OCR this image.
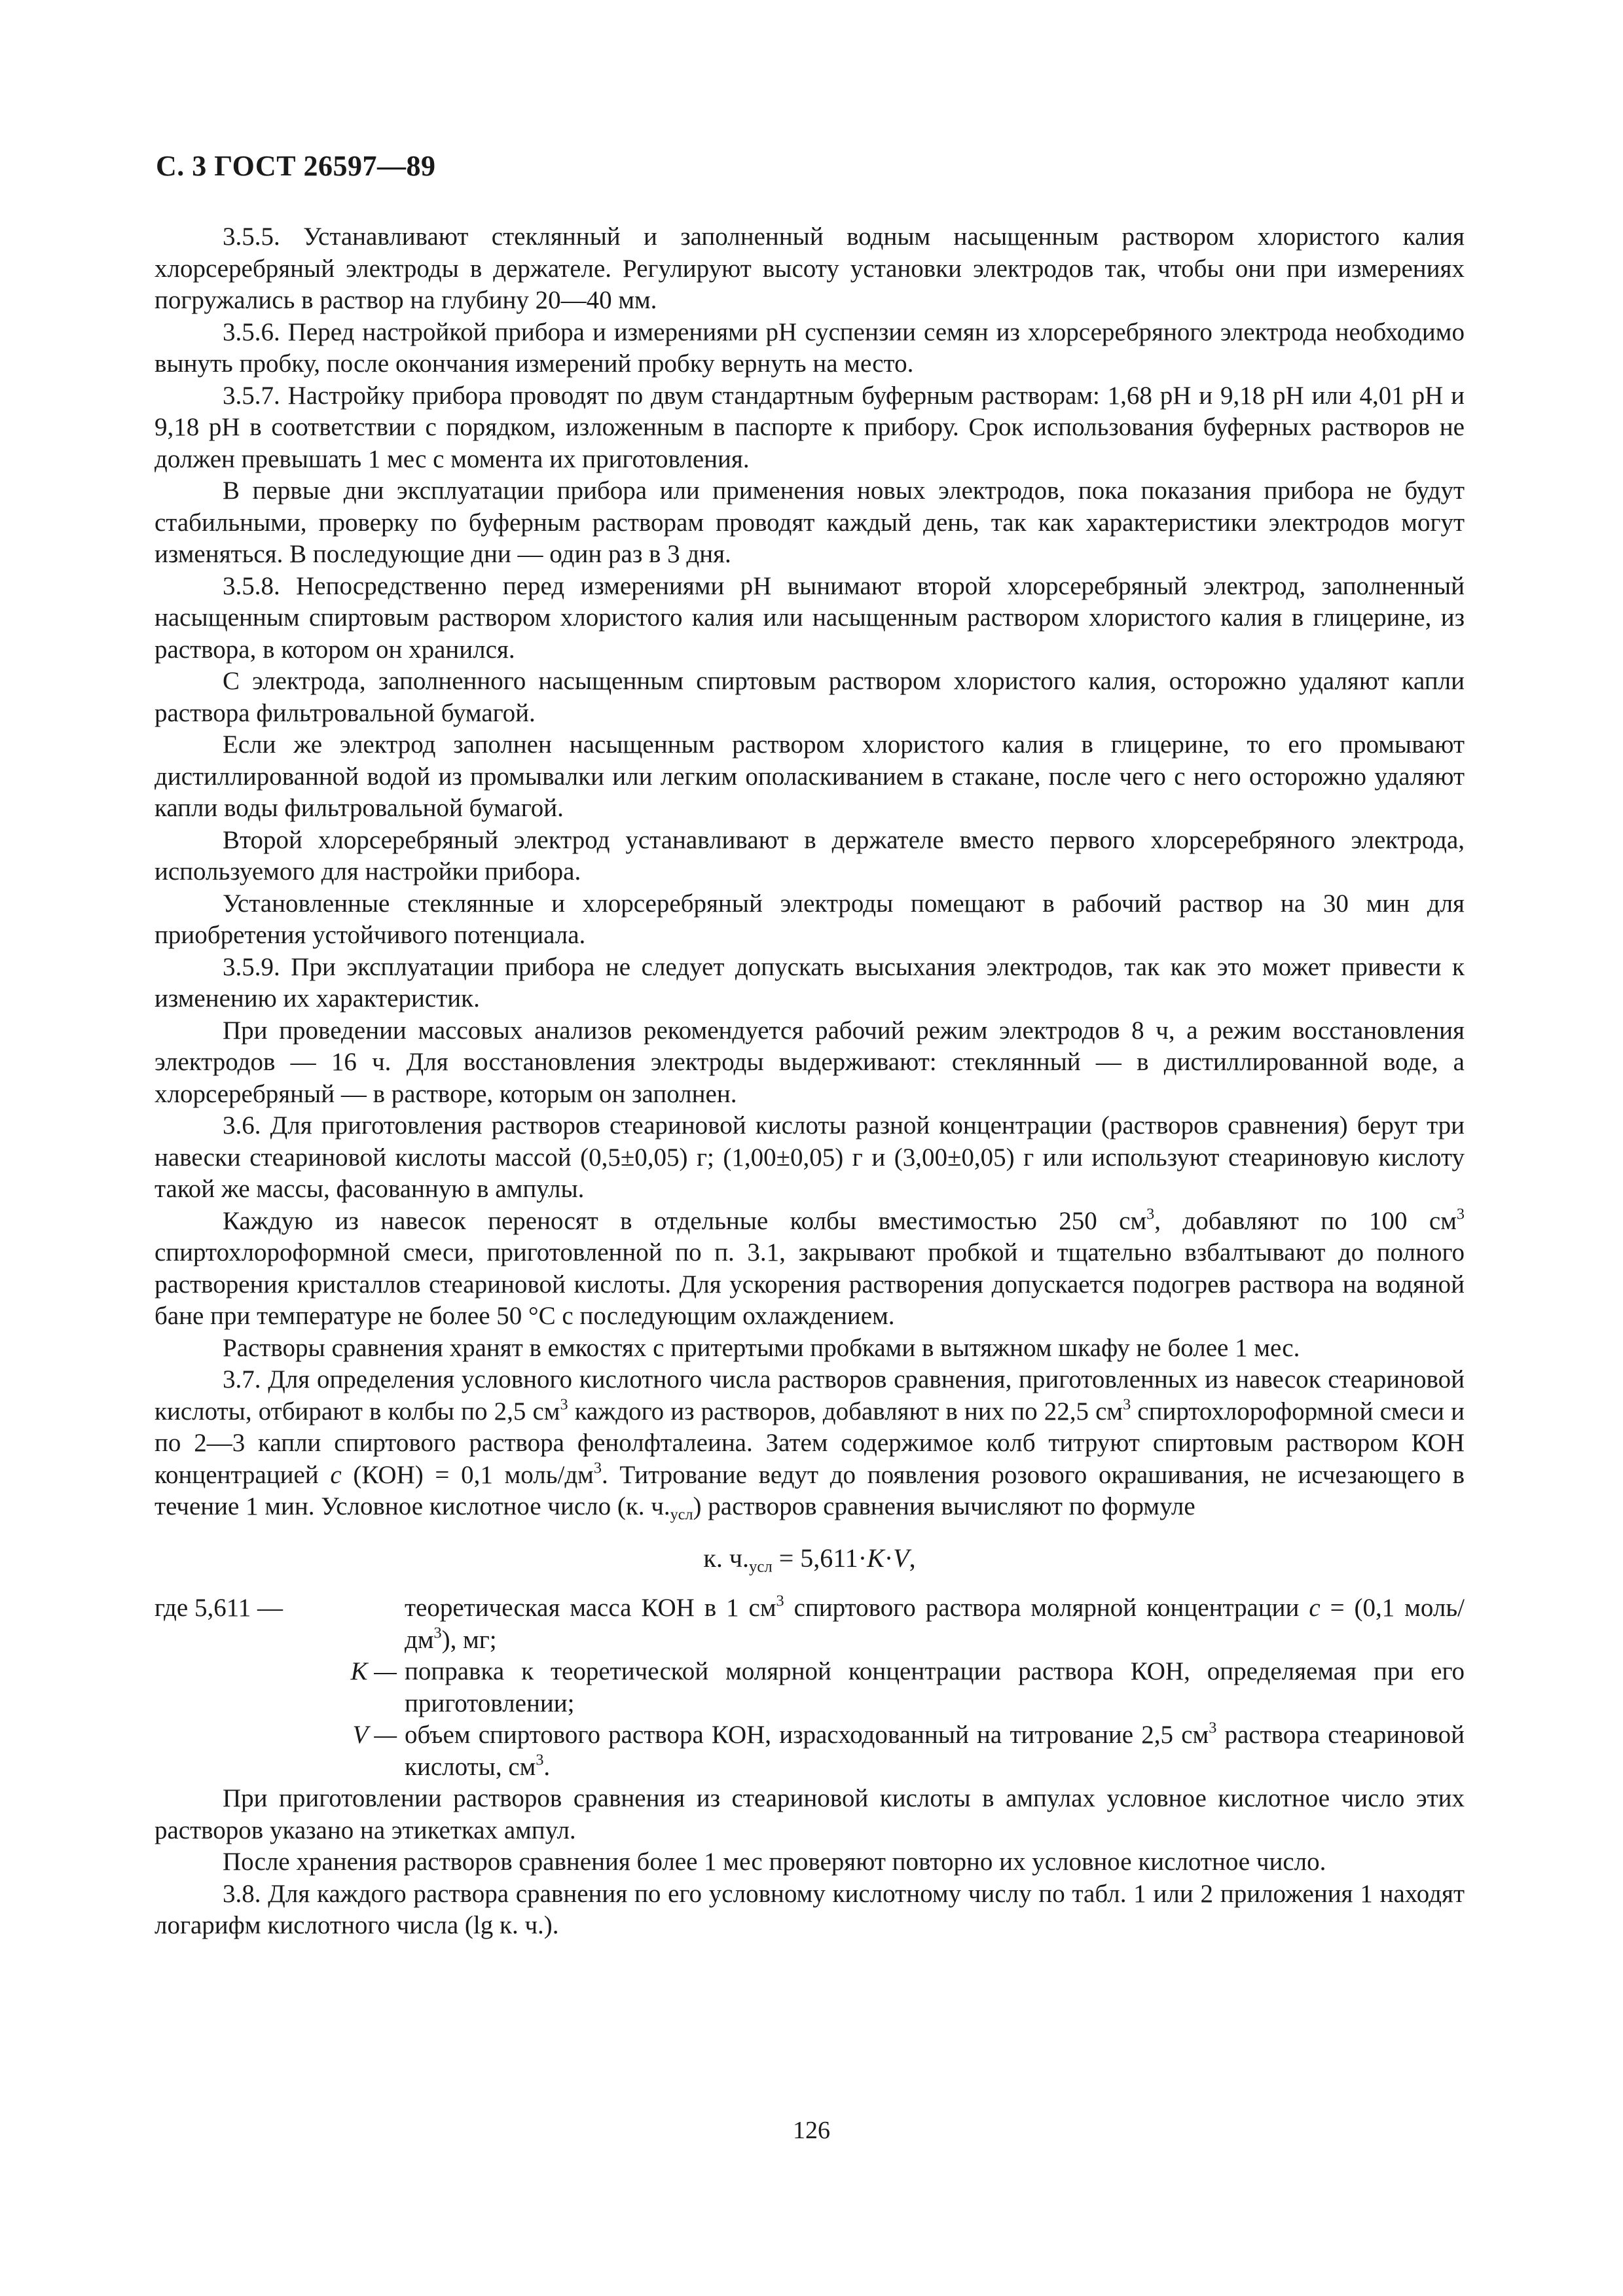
С. 3 ГОСТ 26597—89

3.5.5. Устанавливают стеклянный и заполненный водным насыщенным раствором хлористого калия хлорсеребряный электроды в держателе. Регулируют высоту установки электродов так, чтобы они при измерениях погружались в раствор на глубину 20—40 мм.

3.5.6. Перед настройкой прибора и измерениями рН суспензии семян из хлорсеребряного электрода необходимо вынуть пробку, после окончания измерений пробку вернуть на место.

3.5.7. Настройку прибора проводят по двум стандартным буферным растворам: 1,68 рН и 9,18 рН или 4,01 рН и 9,18 рН в соответствии с порядком, изложенным в паспорте к прибору. Срок использования буферных растворов не должен превышать 1 мес с момента их приготовления.

В первые дни эксплуатации прибора или применения новых электродов, пока показания прибора не будут стабильными, проверку по буферным растворам проводят каждый день, так как характеристики электродов могут изменяться. В последующие дни — один раз в 3 дня.

3.5.8. Непосредственно перед измерениями рН вынимают второй хлорсеребряный электрод, заполненный насыщенным спиртовым раствором хлористого калия или насыщенным раствором хлористого калия в глицерине, из раствора, в котором он хранился.

С электрода, заполненного насыщенным спиртовым раствором хлористого калия, осторожно удаляют капли раствора фильтровальной бумагой.

Если же электрод заполнен насыщенным раствором хлористого калия в глицерине, то его промывают дистиллированной водой из промывалки или легким ополаскиванием в стакане, после чего с него осторожно удаляют капли воды фильтровальной бумагой.

Второй хлорсеребряный электрод устанавливают в держателе вместо первого хлорсеребряного электрода, используемого для настройки прибора.

Установленные стеклянные и хлорсеребряный электроды помещают в рабочий раствор на 30 мин для приобретения устойчивого потенциала.

3.5.9. При эксплуатации прибора не следует допускать высыхания электродов, так как это может привести к изменению их характеристик.

При проведении массовых анализов рекомендуется рабочий режим электродов 8 ч, а режим восстановления электродов — 16 ч. Для восстановления электроды выдерживают: стеклянный — в дистиллированной воде, а хлорсеребряный — в растворе, которым он заполнен.

3.6. Для приготовления растворов стеариновой кислоты разной концентрации (растворов сравнения) берут три навески стеариновой кислоты массой (0,5±0,05) г; (1,00±0,05) г и (3,00±0,05) г или используют стеариновую кислоту такой же массы, фасованную в ампулы.

Каждую из навесок переносят в отдельные колбы вместимостью 250 $см^3$, добавляют по 100 $см^3$ спиртохлороформной смеси, приготовленной по п. 3.1, закрывают пробкой и тщательно взбалтывают до полного растворения кристаллов стеариновой кислоты. Для ускорения растворения допускается подогрев раствора на водяной бане при температуре не более 50 °С с последующим охлаждением.

Растворы сравнения хранят в емкостях с притертыми пробками в вытяжном шкафу не более 1 мес.

3.7. Для определения условного кислотного числа растворов сравнения, приготовленных из навесок стеариновой кислоты, отбирают в колбы по 2,5 $см^3$ каждого из растворов, добавляют в них по 22,5 $см^3$ спиртохлороформной смеси и по 2—3 капли спиртового раствора фенолфталеина. Затем содержимое колб титруют спиртовым раствором КОН концентрацией с (КОН) = 0,1 моль/$дм^3$. Титрование ведут до появления розового окрашивания, не исчезающего в течение 1 мин. Условное кислотное число (к. $ч._{усл}$) растворов сравнения вычисляют по формуле

к. $ч._{усл} = 5,611\cdot K\cdot V$,
где 5,611 —	теоретическая масса КОН в 1 $см^3$ спиртового раствора молярной концентрации с = (0,1 моль/$дм^3$), мг;
K — поправка к теоретической молярной концентрации раствора КОН, определяемая при его приготовлении;
V — объем спиртового раствора КОН, израсходованный на титрование 2,5 $см^3$ раствора стеариновой кислоты, $см^3$.

При приготовлении растворов сравнения из стеариновой кислоты в ампулах условное кислотное число этих растворов указано на этикетках ампул.

После хранения растворов сравнения более 1 мес проверяют повторно их условное кислотное число.

3.8. Для каждого раствора сравнения по его условному кислотному числу по табл. 1 или 2 приложения 1 находят логарифм кислотного числа (lg к. ч.).

126
